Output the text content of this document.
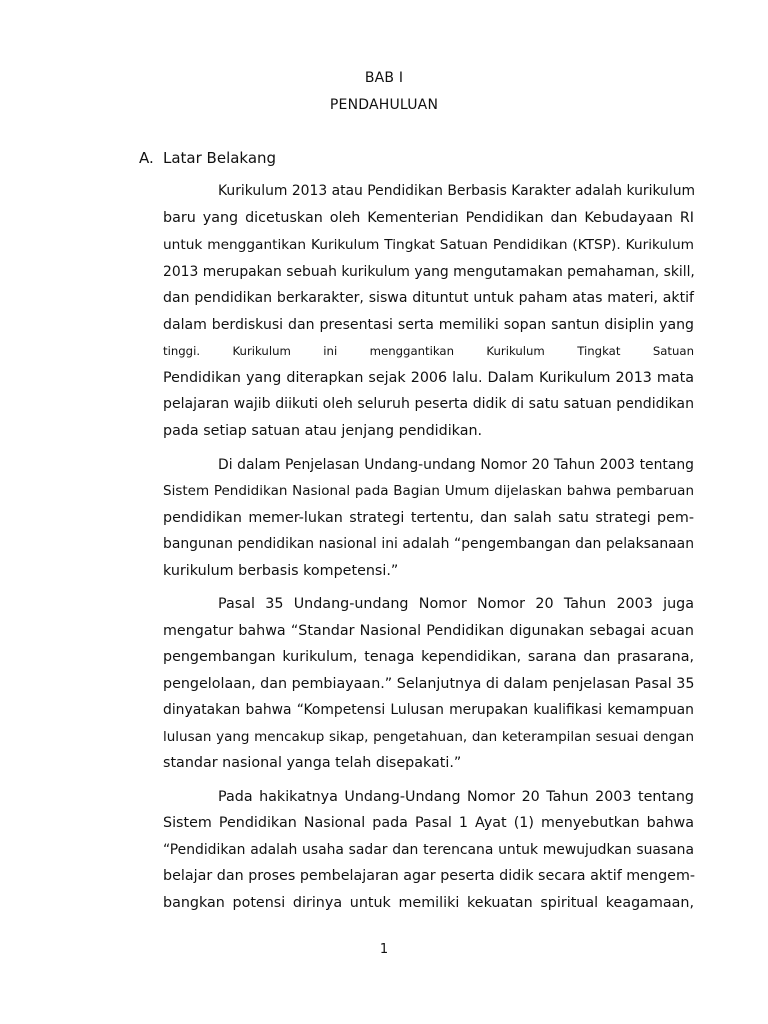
BAB I
PENDAHULUAN
A. Latar Belakang
Kurikulum 2013 atau Pendidikan Berbasis Karakter adalah kurikulum
baru yang dicetuskan oleh Kementerian Pendidikan dan Kebudayaan RI
untuk menggantikan Kurikulum Tingkat Satuan Pendidikan (KTSP). Kurikulum
2013 merupakan sebuah kurikulum yang mengutamakan pemahaman, skill,
dan pendidikan berkarakter, siswa dituntut untuk paham atas materi, aktif
dalam berdiskusi dan presentasi serta memiliki sopan santun disiplin yang
tinggi. Kurikulum ini menggantikan Kurikulum Tingkat Satuan
Pendidikan yang diterapkan sejak 2006 lalu. Dalam Kurikulum 2013 mata
pelajaran wajib diikuti oleh seluruh peserta didik di satu satuan pendidikan
pada setiap satuan atau jenjang pendidikan.
Di dalam Penjelasan Undang-undang Nomor 20 Tahun 2003 tentang
Sistem Pendidikan Nasional pada Bagian Umum dijelaskan bahwa pembaruan
pendidikan memer-lukan strategi tertentu, dan salah satu strategi pem-
bangunan pendidikan nasional ini adalah “pengembangan dan pelaksanaan
kurikulum berbasis kompetensi.”
Pasal 35 Undang-undang Nomor Nomor 20 Tahun 2003 juga
mengatur bahwa “Standar Nasional Pendidikan digunakan sebagai acuan
pengembangan kurikulum, tenaga kependidikan, sarana dan prasarana,
pengelolaan, dan pembiayaan.” Selanjutnya di dalam penjelasan Pasal 35
dinyatakan bahwa “Kompetensi Lulusan merupakan kualifikasi kemampuan
lulusan yang mencakup sikap, pengetahuan, dan keterampilan sesuai dengan
standar nasional yanga telah disepakati.”
Pada hakikatnya Undang-Undang Nomor 20 Tahun 2003 tentang
Sistem Pendidikan Nasional pada Pasal 1 Ayat (1) menyebutkan bahwa
“Pendidikan adalah usaha sadar dan terencana untuk mewujudkan suasana
belajar dan proses pembelajaran agar peserta didik secara aktif mengem-
bangkan potensi dirinya untuk memiliki kekuatan spiritual keagamaan,
1
